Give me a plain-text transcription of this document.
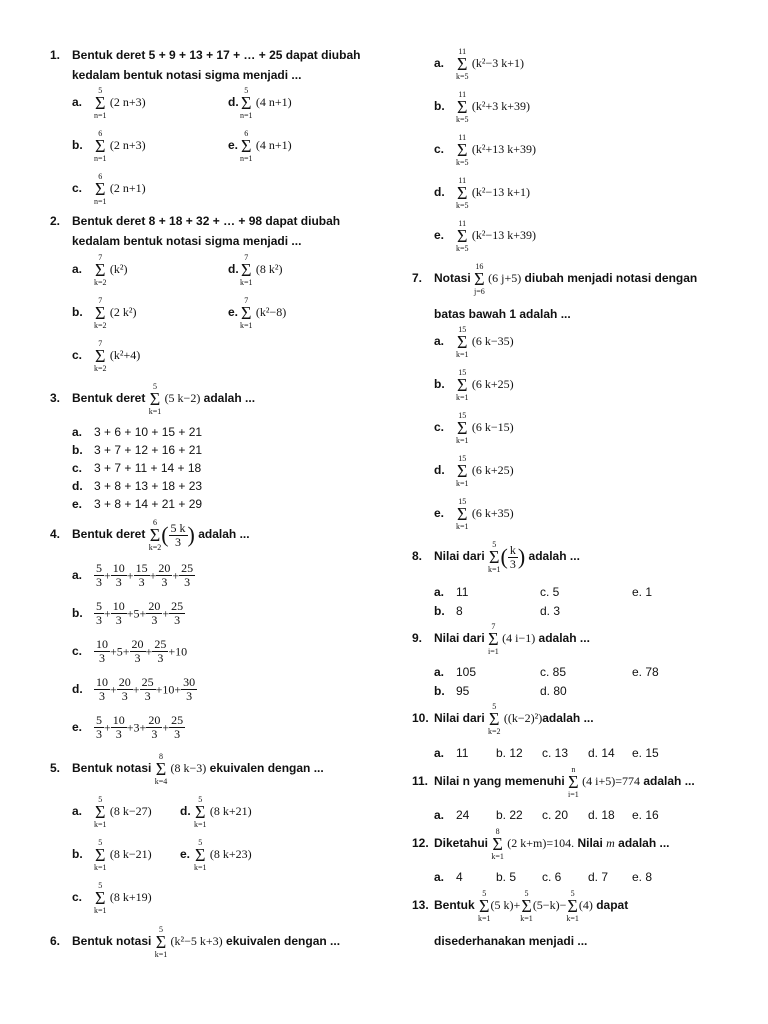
1. Bentuk deret 5 + 9 + 13 + 17 + … + 25 dapat diubah
kedalam bentuk notasi sigma menjadi ...
a.
5
Σ
n=1
(2 n+3)	d.
5
Σ
n=1
(4 n+1)
b.
6
Σ
n=1
(2 n+3)	e.
6
Σ
n=1
(4 n+1)
c.
6
Σ
n=1
(2 n+1)
2. Bentuk deret 8 + 18 + 32 + … + 98 dapat diubah
kedalam bentuk notasi sigma menjadi ...
a.
7
Σ
k=2
(k²)	d.
7
Σ
k=1
(8 k²)
b.
7
Σ
k=2
(2 k²)	e.
7
Σ
k=1
(k²−8)
c.
7
Σ
k=2
(k²+4)
3. Bentuk deret
5
Σ
k=1
(5 k−2) adalah ...
a. 3 + 6 + 10 + 15 + 21
b. 3 + 7 + 12 + 16 + 21
c. 3 + 7 + 11 + 14 + 18
d. 3 + 8 + 13 + 18 + 23
e. 3 + 8 + 14 + 21 + 29
4. Bentuk deret
6
Σ
k=2
( $\frac{5 k}{3}$ ) adalah ...
a. $\frac{5}{3} + \frac{10}{3} + \frac{15}{3} + \frac{20}{3} + \frac{25}{3}$
b. $\frac{5}{3} + \frac{10}{3} +5+ \frac{20}{3} + \frac{25}{3}$
c. $\frac{10}{3} +5+ \frac{20}{3} + \frac{25}{3} +10$
d. $\frac{10}{3} + \frac{20}{3} + \frac{25}{3} +10+ \frac{30}{3}$
e. $\frac{5}{3} + \frac{10}{3} +3+ \frac{20}{3} + \frac{25}{3}$
5. Bentuk notasi
8
Σ
k=4
(8 k−3) ekuivalen dengan ...
a.
5
Σ
k=1
(8 k−27) d.
5
Σ
k=1
(8 k+21)
b.
5
Σ
k=1
(8 k−21) e.
5
Σ
k=1
(8 k+23)
c.
5
Σ
k=1
(8 k+19)
6. Bentuk notasi
5
Σ
k=1
(k²−5 k+3) ekuivalen dengan ...
a.
11
Σ
k=5
(k²−3 k+1)
b.
11
Σ
k=5
(k²+3 k+39)
c.
11
Σ
k=5
(k²+13 k+39)
d.
11
Σ
k=5
(k²−13 k+1)
e.
11
Σ
k=5
(k²−13 k+39)
7. Notasi
16
Σ
j=6
(6 j+5) diubah menjadi notasi dengan
batas bawah 1 adalah ...
a.
15
Σ
k=1
(6 k−35)
b.
15
Σ
k=1
(6 k+25)
c.
15
Σ
k=1
(6 k−15)
d.
15
Σ
k=1
(6 k+25)
e.
15
Σ
k=1
(6 k+35)
8. Nilai dari
5
Σ
k=1
( $\frac{k}{3}$ ) adalah ...
a. 11	c. 5	e. 1
b. 8	d. 3
9. Nilai dari
7
Σ
i=1
(4 i−1) adalah ...
a. 105	c. 85	e. 78
b. 95	d. 80
10. Nilai dari
5
Σ
k=2
((k−2)²)adalah ...
a. 11 b. 12 c. 13 d. 14 e. 15
11. Nilai n yang memenuhi
n
Σ
i=1
(4 i+5)=774 adalah ...
a. 24 b. 22 c. 20 d. 18 e. 16
12. Diketahui
8
Σ
k=1
(2 k+m)=104. Nilai m adalah ...
a. 4	b. 5 c. 6 d. 7 e. 8
13. Bentuk
5
Σ
k=1
(5 k)+
5
Σ
k=1
(5−k)−
5
Σ
k=1
(4) dapat
disederhanakan menjadi ...
